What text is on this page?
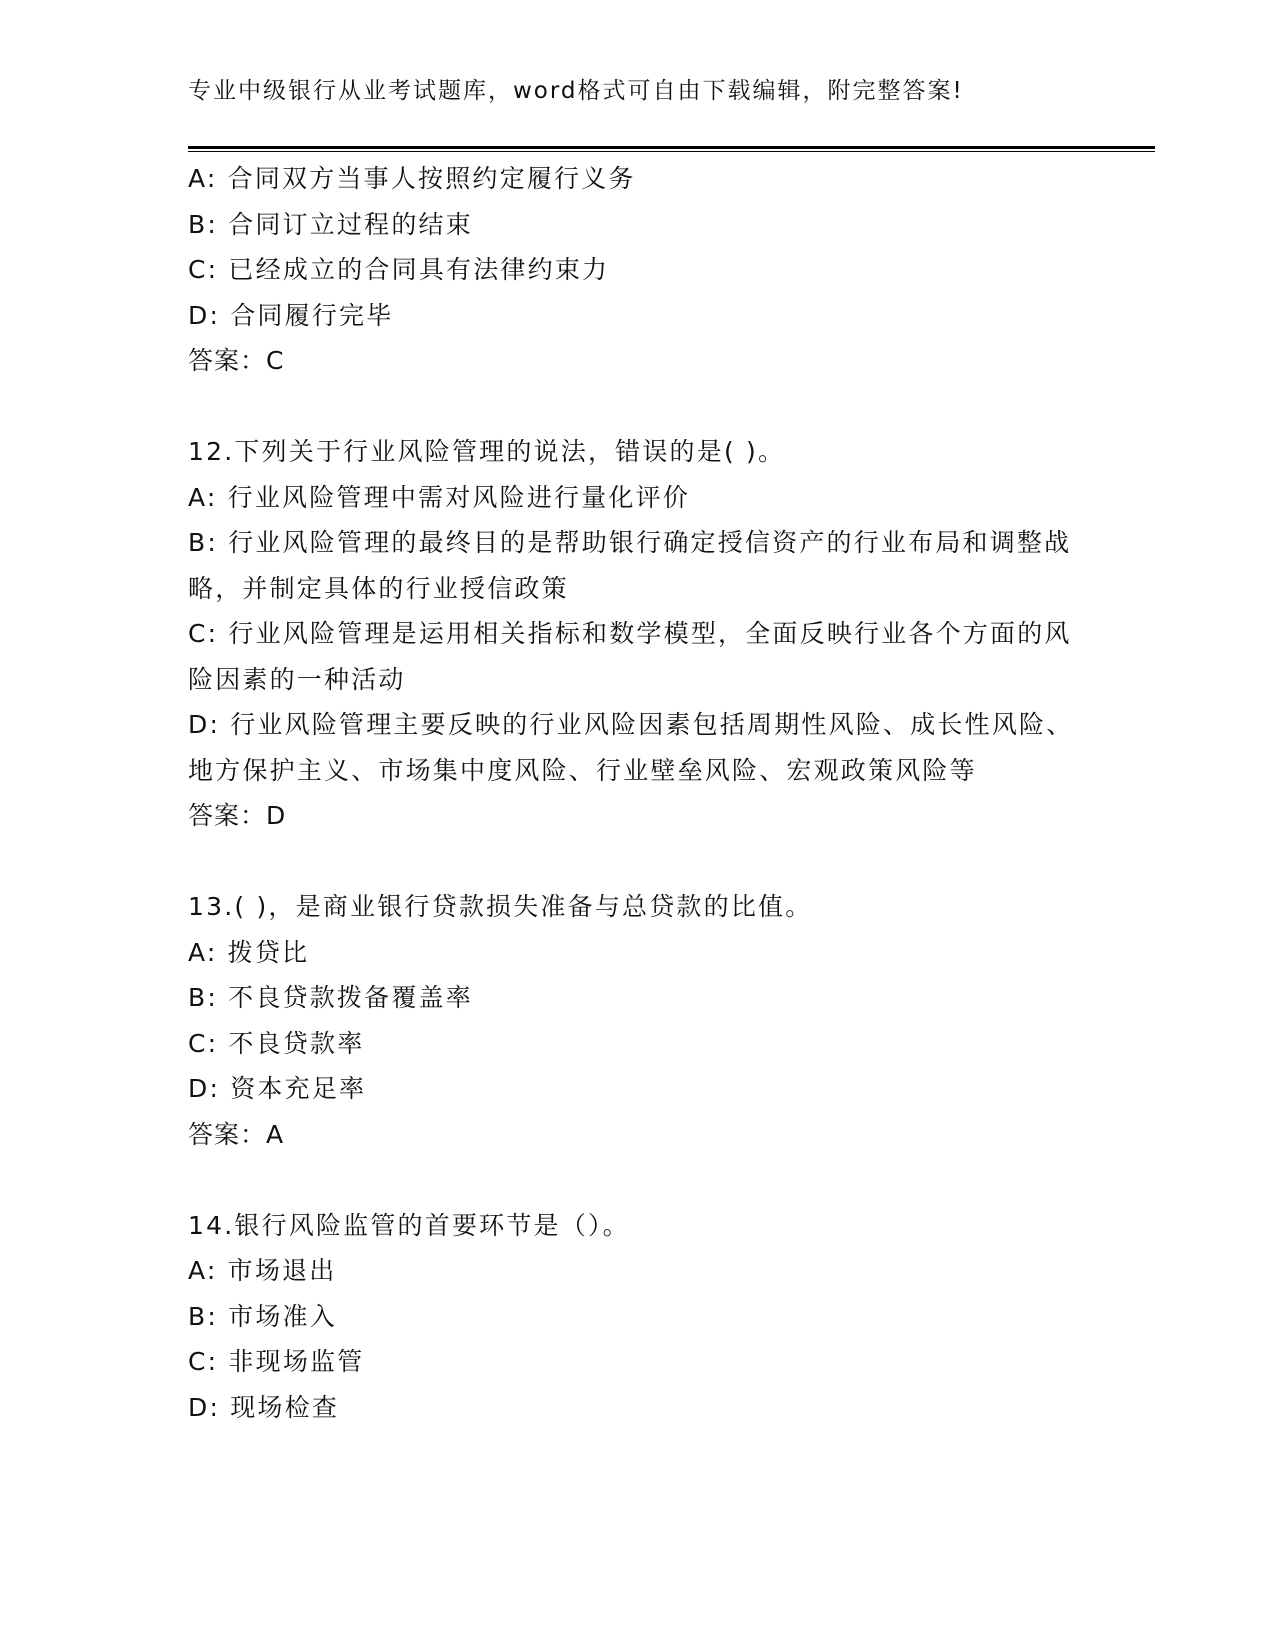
专业中级银行从业考试题库，word格式可自由下载编辑，附完整答案!
A: 合同双方当事人按照约定履行义务
B: 合同订立过程的结束
C: 已经成立的合同具有法律约束力
D: 合同履行完毕
答案：C
12.下列关于行业风险管理的说法，错误的是( )。
A: 行业风险管理中需对风险进行量化评价
B: 行业风险管理的最终目的是帮助银行确定授信资产的行业布局和调整战略，并制定具体的行业授信政策
C: 行业风险管理是运用相关指标和数学模型，全面反映行业各个方面的风险因素的一种活动
D: 行业风险管理主要反映的行业风险因素包括周期性风险、成长性风险、地方保护主义、市场集中度风险、行业壁垒风险、宏观政策风险等
答案：D
13.( )，是商业银行贷款损失准备与总贷款的比值。
A: 拨贷比
B: 不良贷款拨备覆盖率
C: 不良贷款率
D: 资本充足率
答案：A
14.银行风险监管的首要环节是（）。
A: 市场退出
B: 市场准入
C: 非现场监管
D: 现场检查
